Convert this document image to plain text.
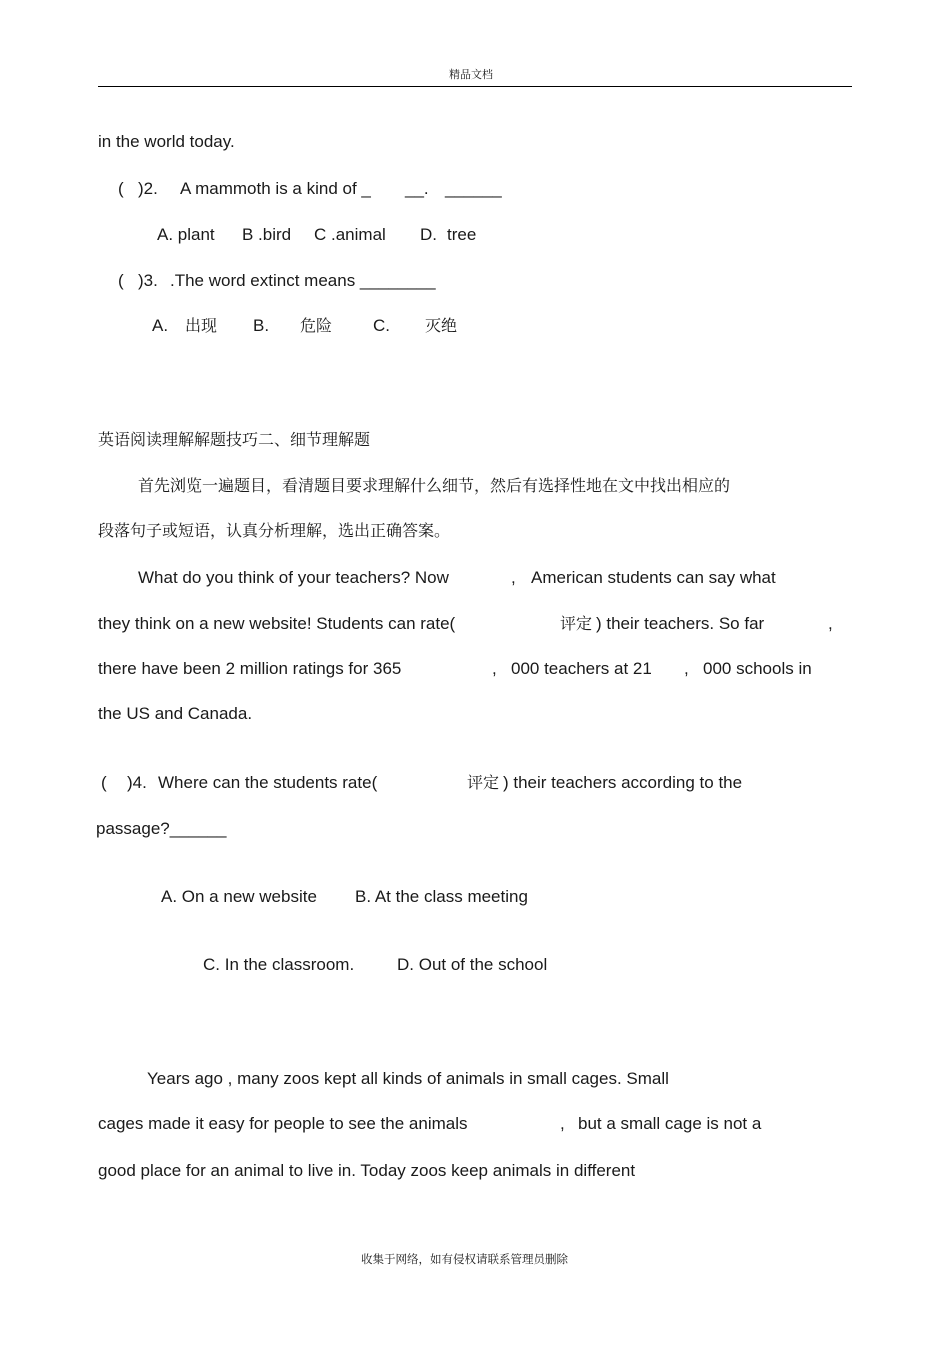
精品文档
in the world today.
( )2. A mammoth is a kind of _ __. ______
A. plant B .bird C .animal D. tree
( )3. .The word extinct means ________
A. 出现 B. 危险 C. 灭绝
英语阅读理解解题技巧二、细节理解题
首先浏览一遍题目，看清题目要求理解什么细节，然后有选择性地在文中找出相应的
段落句子或短语，认真分析理解，选出正确答案。
What do you think of your teachers? Now	, American students can say what
they think on a new website! Students can rate(	评定 ) their teachers. So far	,
there have been 2 million ratings for 365	, 000 teachers at 21 , 000 schools in
the US and Canada.
( )4. Where can the students rate(	评定 ) their teachers according to the
passage?______
A. On a new website B. At the class meeting
C. In the classroom.	D. Out of the school
Years ago , many zoos kept all kinds of animals in small cages. Small
cages made it easy for people to see the animals	, but a small cage is not a
good place for an animal to live in. Today zoos keep animals in different
收集于网络，如有侵权请联系管理员删除
